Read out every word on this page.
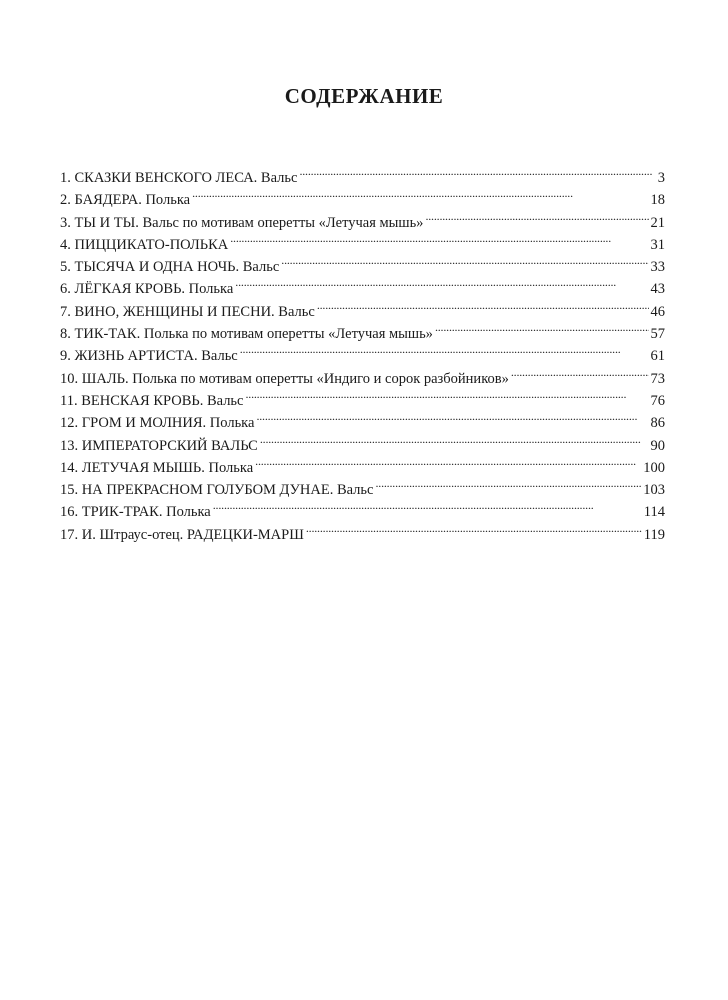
СОДЕРЖАНИЕ
1. СКАЗКИ ВЕНСКОГО ЛЕСА. Вальс . . .	3
2. БАЯДЕРА. Полька . . .	18
3. ТЫ И ТЫ. Вальс по мотивам оперетты «Летучая мышь» . . .	21
4. ПИЦЦИКАТО-ПОЛЬКА . . .	31
5. ТЫСЯЧА И ОДНА НОЧЬ. Вальс . . .	33
6. ЛЁГКАЯ КРОВЬ. Полька . . .	43
7. ВИНО, ЖЕНЩИНЫ И ПЕСНИ. Вальс . . .	46
8. ТИК-ТАК. Полька по мотивам оперетты «Летучая мышь» . . .	57
9. ЖИЗНЬ АРТИСТА. Вальс . . .	61
10. ШАЛЬ. Полька по мотивам оперетты «Индиго и сорок разбойников» . . .	73
11. ВЕНСКАЯ КРОВЬ. Вальс . . .	76
12. ГРОМ И МОЛНИЯ. Полька . . .	86
13. ИМПЕРАТОРСКИЙ ВАЛЬС . . .	90
14. ЛЕТУЧАЯ МЫШЬ. Полька . . .	100
15. НА ПРЕКРАСНОМ ГОЛУБОМ ДУНАЕ. Вальс . . .	103
16. ТРИК-ТРАК. Полька . . .	114
17. И. Штраус-отец. РАДЕЦКИ-МАРШ . . .	119
